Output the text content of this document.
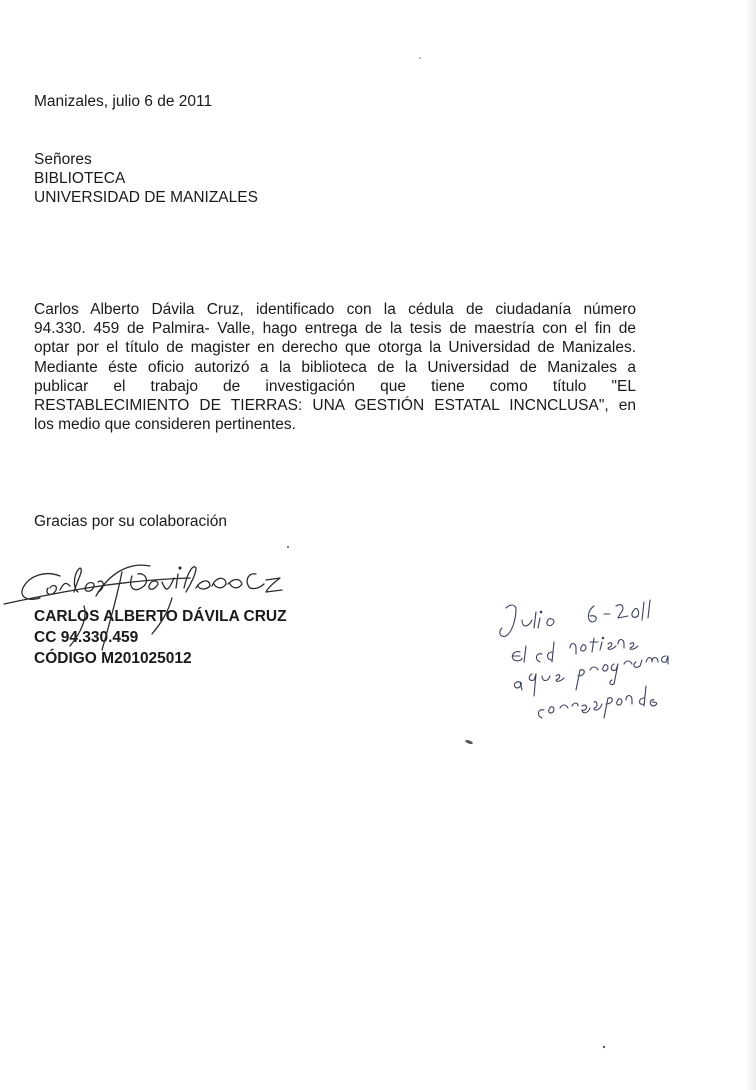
Manizales, julio 6 de 2011
Señores
BIBLIOTECA
UNIVERSIDAD DE MANIZALES
Carlos Alberto Dávila Cruz, identificado con la cédula de ciudadanía número
94.330. 459 de Palmira- Valle, hago entrega de la tesis de maestría con el fin de
optar por el título de magister en derecho que otorga la Universidad de Manizales.
Mediante éste oficio autorizó a la biblioteca de la Universidad de Manizales a
publicar el trabajo de investigación que tiene como título "EL
RESTABLECIMIENTO DE TIERRAS: UNA GESTIÓN ESTATAL INCNCLUSA", en
los medio que consideren pertinentes.
Gracias por su colaboración
CARLOS ALBERTO DÁVILA CRUZ
CC 94.330.459
CÓDIGO M201025012
